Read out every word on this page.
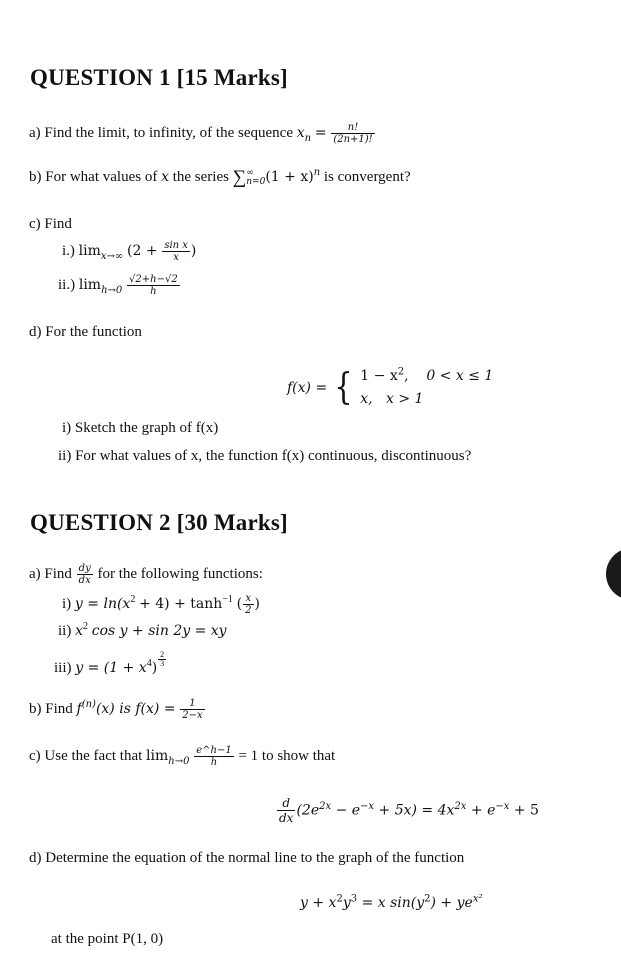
QUESTION 1 [15 Marks]
a) Find the limit, to infinity, of the sequence $x_n = \frac{n!}{(2n+1)!}$
b) For what values of x the series ∑ ∞
n=0 $(1 + x)^n$ is convergent?
c) Find
i.) $\lim_{x\to\infty} (2 + \frac{\text{sin x}}{x}$ )
ii.) $\lim_{h\to 0} \frac{√2+h-√2}{h}$
d) For the function
f(x) = { $1 - x^2$,    0 < x ≤ 1
x, x > 1
i) Sketch the graph of f(x)
ii) For what values of x, the function f(x) continuous, discontinuous?
QUESTION 2 [30 Marks]
a) Find $\frac{dy}{dx}$ for the following functions:
i) $y = \ln(x^2 + 4) + \tanh^{-1}$ ( $\frac{x}{2}$ )
ii) $x^2$ cos y + sin 2y = xy
iii) $y = (1 + x^4) \frac{2}{3}$
b) Find $f^{(n)}(x)$ is $f(x) = \frac{1}{2-x}$
c) Use the fact that $\lim_{h\to 0} \frac{e\^{}h-1}{h} = 1$ to show that
$\frac{d}{dx} (2e^{2x} - e^{-x} + 5x) = 4x^{2x} + e^{-x} + 5$
d) Determine the equation of the normal line to the graph of the function
$y + x^2y^3 = x$ $\sin(y^2) + ye^{x^2}$
at the point P(1, 0)
